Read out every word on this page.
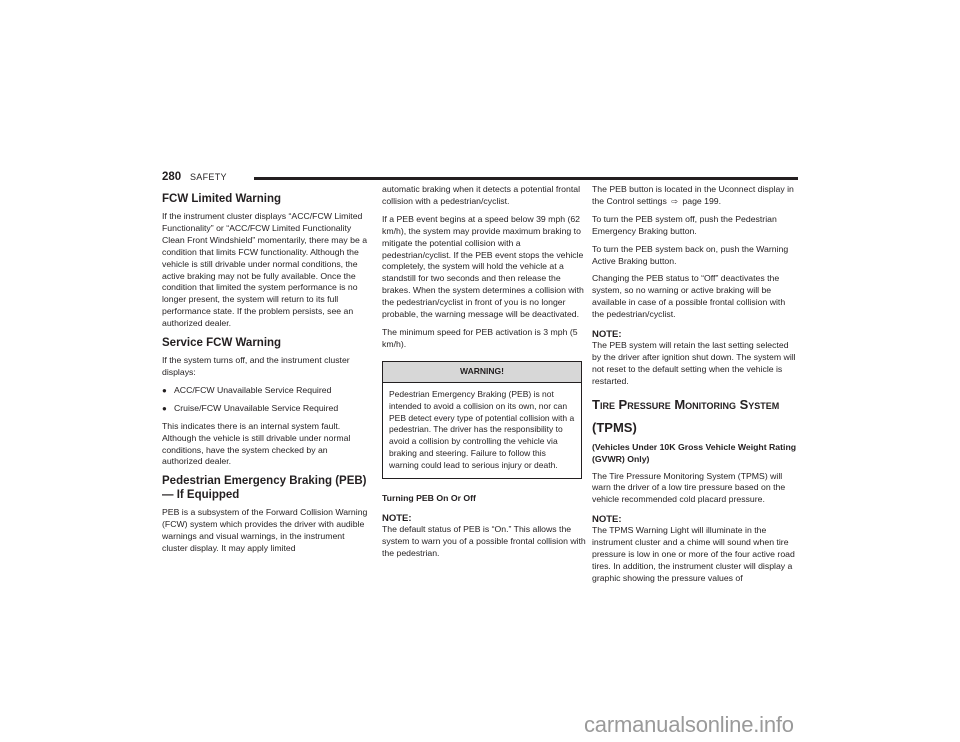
280 SAFETY
FCW Limited Warning

If the instrument cluster displays “ACC/FCW Limited Functionality” or “ACC/FCW Limited Functionality Clean Front Windshield” momentarily, there may be a condition that limits FCW functionality. Although the vehicle is still drivable under normal conditions, the active braking may not be fully available. Once the condition that limited the system performance is no longer present, the system will return to its full performance state. If the problem persists, see an authorized dealer.

Service FCW Warning

If the system turns off, and the instrument cluster displays:

● ACC/FCW Unavailable Service Required
● Cruise/FCW Unavailable Service Required

This indicates there is an internal system fault. Although the vehicle is still drivable under normal conditions, have the system checked by an authorized dealer.

Pedestrian Emergency Braking (PEB) — If Equipped

PEB is a subsystem of the Forward Collision Warning (FCW) system which provides the driver with audible warnings and visual warnings, in the instrument cluster display. It may apply limited

automatic braking when it detects a potential frontal collision with a pedestrian/cyclist.

If a PEB event begins at a speed below 39 mph (62 km/h), the system may provide maximum braking to mitigate the potential collision with a pedestrian/cyclist. If the PEB event stops the vehicle completely, the system will hold the vehicle at a standstill for two seconds and then release the brakes. When the system determines a collision with the pedestrian/cyclist in front of you is no longer probable, the warning message will be deactivated.

The minimum speed for PEB activation is 3 mph (5 km/h).

WARNING!
Pedestrian Emergency Braking (PEB) is not intended to avoid a collision on its own, nor can PEB detect every type of potential collision with a pedestrian. The driver has the responsibility to avoid a collision by controlling the vehicle via braking and steering. Failure to follow this warning could lead to serious injury or death.
Turning PEB On Or Off
NOTE:

The default status of PEB is “On.” This allows the system to warn you of a possible frontal collision with the pedestrian.

The PEB button is located in the Uconnect display in the Control settings ⇨ page 199.

To turn the PEB system off, push the Pedestrian Emergency Braking button.

To turn the PEB system back on, push the Warning Active Braking button.

Changing the PEB status to “Off” deactivates the system, so no warning or active braking will be available in case of a possible frontal collision with the pedestrian/cyclist.

NOTE:

The PEB system will retain the last setting selected by the driver after ignition shut down. The system will not reset to the default setting when the vehicle is restarted.

Tire Pressure Monitoring System
(TPMS)
(Vehicles Under 10K Gross Vehicle Weight Rating (GVWR) Only)

The Tire Pressure Monitoring System (TPMS) will warn the driver of a low tire pressure based on the vehicle recommended cold placard pressure.

NOTE:

The TPMS Warning Light will illuminate in the instrument cluster and a chime will sound when tire pressure is low in one or more of the four active road tires. In addition, the instrument cluster will display a graphic showing the pressure values of

carmanualsonline.info
